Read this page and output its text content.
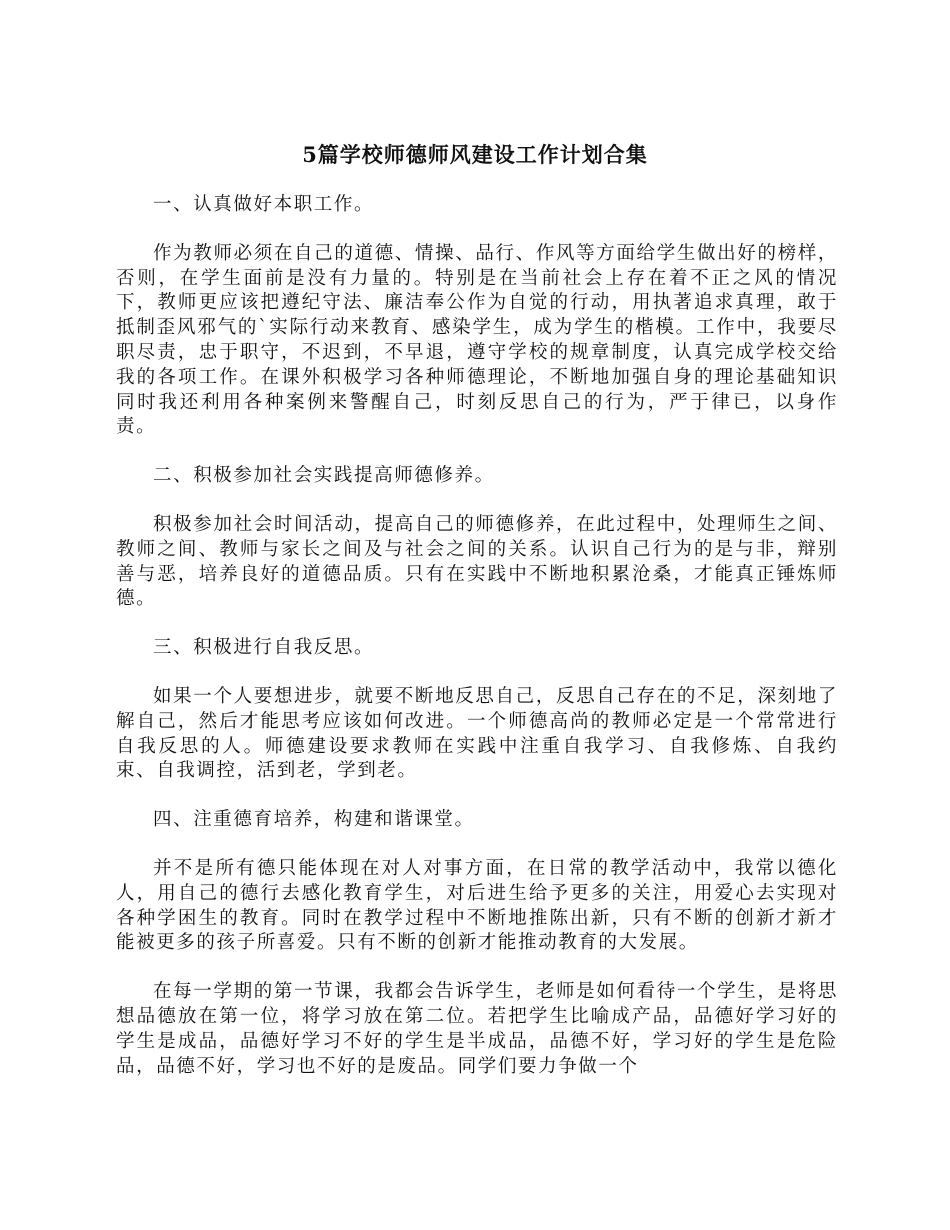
5篇学校师德师风建设工作计划合集

一、认真做好本职工作。

作为教师必须在自己的道德、情操、品行、作风等方面给学生做出好的榜样，否则，在学生面前是没有力量的。特别是在当前社会上存在着不正之风的情况下，教师更应该把遵纪守法、廉洁奉公作为自觉的行动，用执著追求真理，敢于抵制歪风邪气的`实际行动来教育、感染学生，成为学生的楷模。工作中，我要尽职尽责，忠于职守，不迟到，不早退，遵守学校的规章制度，认真完成学校交给我的各项工作。在课外积极学习各种师德理论，不断地加强自身的理论基础知识同时我还利用各种案例来警醒自己，时刻反思自己的行为，严于律已，以身作责。

二、积极参加社会实践提高师德修养。

积极参加社会时间活动，提高自己的师德修养，在此过程中，处理师生之间、教师之间、教师与家长之间及与社会之间的关系。认识自己行为的是与非，辩别善与恶，培养良好的道德品质。只有在实践中不断地积累沧桑，才能真正锤炼师德。

三、积极进行自我反思。

如果一个人要想进步，就要不断地反思自己，反思自己存在的不足，深刻地了解自己，然后才能思考应该如何改进。一个师德高尚的教师必定是一个常常进行自我反思的人。师德建设要求教师在实践中注重自我学习、自我修炼、自我约束、自我调控，活到老，学到老。

四、注重德育培养，构建和谐课堂。

并不是所有德只能体现在对人对事方面，在日常的教学活动中，我常以德化人，用自己的德行去感化教育学生，对后进生给予更多的关注，用爱心去实现对各种学困生的教育。同时在教学过程中不断地推陈出新，只有不断的创新才新才能被更多的孩子所喜爱。只有不断的创新才能推动教育的大发展。

在每一学期的第一节课，我都会告诉学生，老师是如何看待一个学生，是将思想品德放在第一位，将学习放在第二位。若把学生比喻成产品，品德好学习好的学生是成品，品德好学习不好的学生是半成品，品德不好，学习好的学生是危险品，品德不好，学习也不好的是废品。同学们要力争做一个
